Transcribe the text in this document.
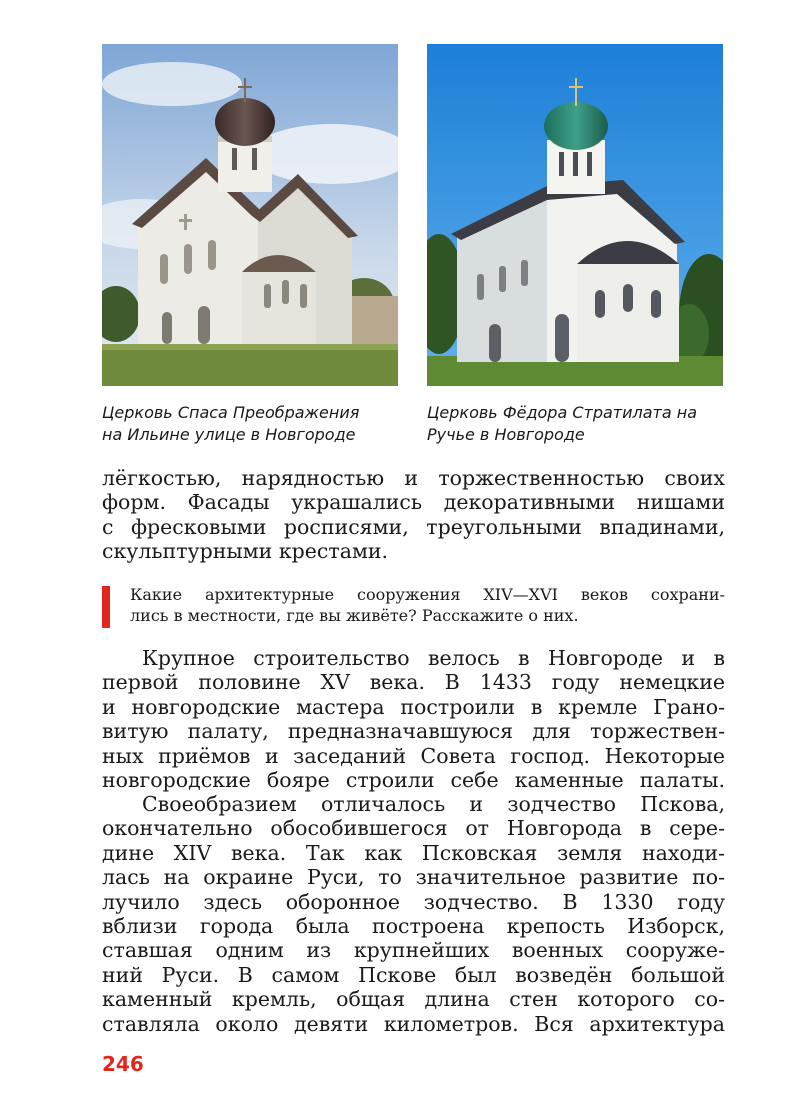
Церковь Спаса Преображения
на Ильине улице в Новгороде
Церковь Фёдора Стратилата на
Ручье в Новгороде
лёгкостью, нарядностью и торжественностью своих
форм. Фасады украшались декоративными нишами
с фресковыми росписями, треугольными впадинами,
скульптурными крестами.
Какие архитектурные сооружения XIV—XVI веков сохрани-
лись в местности, где вы живёте? Расскажите о них.
Крупное строительство велось в Новгороде и в
первой половине XV века. В 1433 году немецкие
и новгородские мастера построили в кремле Грано-
витую палату, предназначавшуюся для торжествен-
ных приёмов и заседаний Совета господ. Некоторые
новгородские бояре строили себе каменные палаты.
Своеобразием отличалось и зодчество Пскова,
окончательно обособившегося от Новгорода в сере-
дине XIV века. Так как Псковская земля находи-
лась на окраине Руси, то значительное развитие по-
лучило здесь оборонное зодчество. В 1330 году
вблизи города была построена крепость Изборск,
ставшая одним из крупнейших военных сооруже-
ний Руси. В самом Пскове был возведён большой
каменный кремль, общая длина стен которого со-
ставляла около девяти километров. Вся архитектура
246
